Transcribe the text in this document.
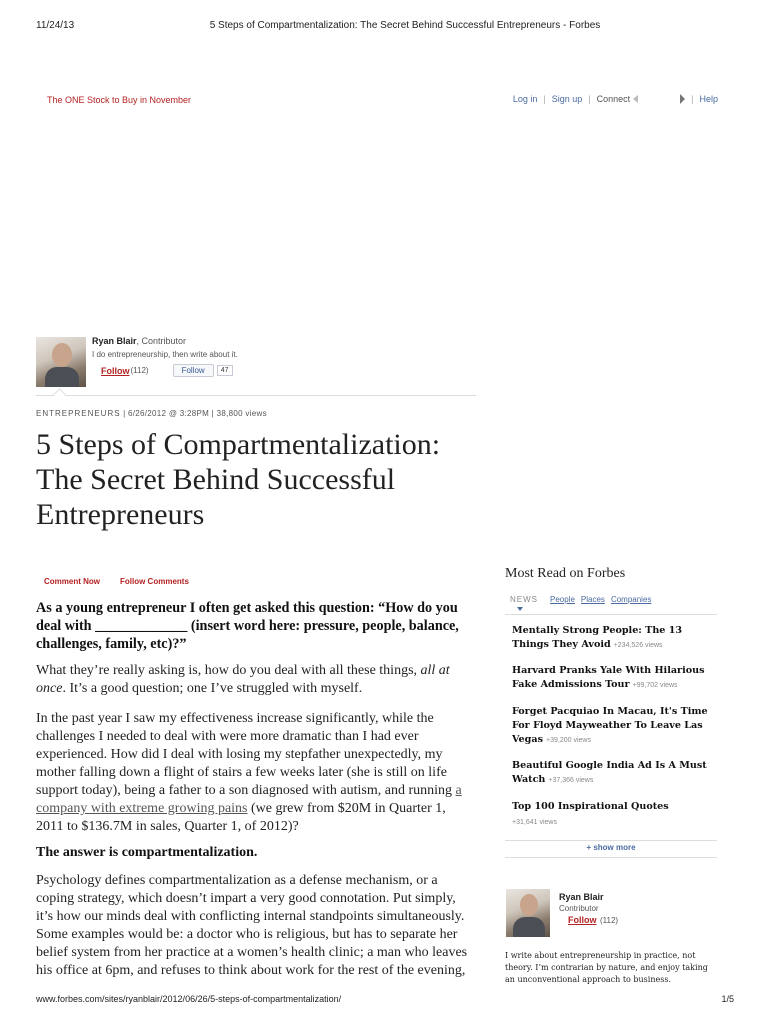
11/24/13	5 Steps of Compartmentalization: The Secret Behind Successful Entrepreneurs - Forbes
The ONE Stock to Buy in November	Log in | Sign up | Connect	| Help
Ryan Blair, Contributor
I do entrepreneurship, then write about it.
Follow (112)	Follow	47
ENTREPRENEURS | 6/26/2012 @ 3:28PM | 38,800 views
5 Steps of Compartmentalization: The Secret Behind Successful Entrepreneurs
Comment Now	Follow Comments

As a young entrepreneur I often get asked this question: “How do you deal with _____________ (insert word here: pressure, people, balance, challenges, family, etc)?”

What they’re really asking is, how do you deal with all these things, all at once. It’s a good question; one I’ve struggled with myself.

In the past year I saw my effectiveness increase significantly, while the challenges I needed to deal with were more dramatic than I had ever experienced. How did I deal with losing my stepfather unexpectedly, my mother falling down a flight of stairs a few weeks later (she is still on life support today), being a father to a son diagnosed with autism, and running a company with extreme growing pains (we grew from $20M in Quarter 1, 2011 to $136.7M in sales, Quarter 1, of 2012)?

The answer is compartmentalization.

Psychology defines compartmentalization as a defense mechanism, or a coping strategy, which doesn’t impart a very good connotation. Put simply, it’s how our minds deal with conflicting internal standpoints simultaneously. Some examples would be: a doctor who is religious, but has to separate her belief system from her practice at a women’s health clinic; a man who leaves his office at 6pm, and refuses to think about work for the rest of the evening,

Most Read on Forbes
NEWS People Places Companies
Mentally Strong People: The 13 Things They Avoid +234,526 views
Harvard Pranks Yale With Hilarious Fake Admissions Tour +99,702 views
Forget Pacquiao In Macau, It's Time For Floyd Mayweather To Leave Las Vegas +39,200 views
Beautiful Google India Ad Is A Must Watch +37,366 views
Top 100 Inspirational Quotes
+31,641 views
+ show more
Ryan Blair
Contributor
Follow (112)
I write about entrepreneurship in practice, not theory. I’m contrarian by nature, and enjoy taking an unconventional approach to business.
www.forbes.com/sites/ryanblair/2012/06/26/5-steps-of-compartmentalization/	1/5
